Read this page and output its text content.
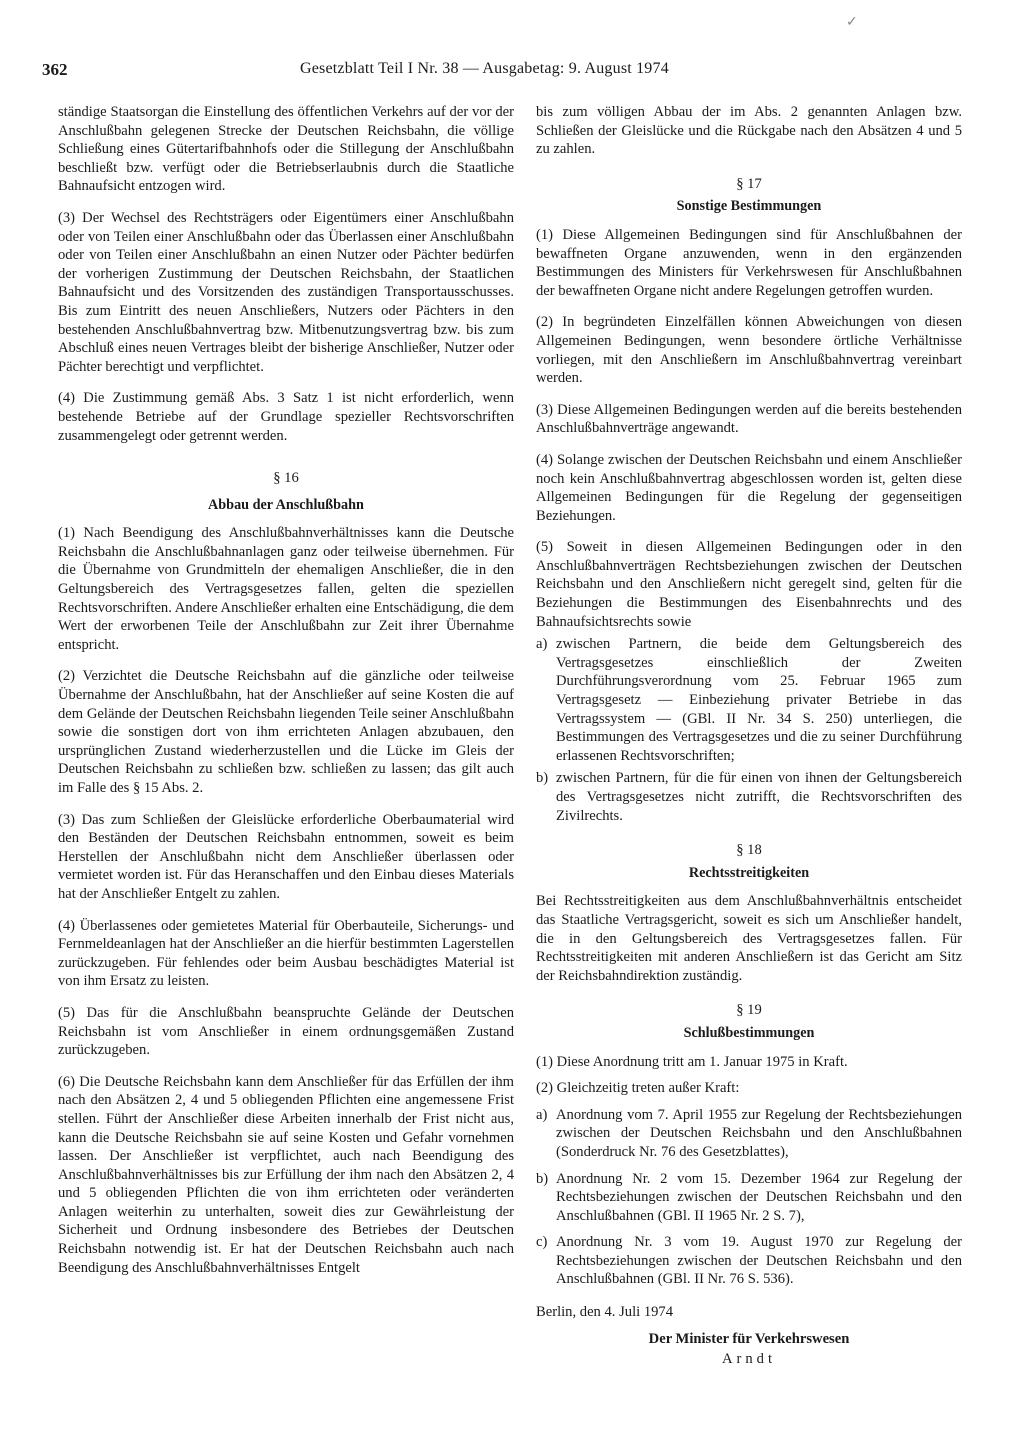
✓
362	Gesetzblatt Teil I Nr. 38 — Ausgabetag: 9. August 1974

ständige Staatsorgan die Einstellung des öffentlichen Verkehrs auf der vor der Anschlußbahn gelegenen Strecke der Deutschen Reichsbahn, die völlige Schließung eines Gütertarifbahnhofs oder die Stillegung der Anschlußbahn beschließt bzw. verfügt oder die Betriebserlaubnis durch die Staatliche Bahnaufsicht entzogen wird.

(3) Der Wechsel des Rechtsträgers oder Eigentümers einer Anschlußbahn oder von Teilen einer Anschlußbahn oder das Überlassen einer Anschlußbahn oder von Teilen einer Anschlußbahn an einen Nutzer oder Pächter bedürfen der vorherigen Zustimmung der Deutschen Reichsbahn, der Staatlichen Bahnaufsicht und des Vorsitzenden des zuständigen Transportausschusses. Bis zum Eintritt des neuen Anschließers, Nutzers oder Pächters in den bestehenden Anschlußbahnvertrag bzw. Mitbenutzungsvertrag bzw. bis zum Abschluß eines neuen Vertrages bleibt der bisherige Anschließer, Nutzer oder Pächter berechtigt und verpflichtet.

(4) Die Zustimmung gemäß Abs. 3 Satz 1 ist nicht erforderlich, wenn bestehende Betriebe auf der Grundlage spezieller Rechtsvorschriften zusammengelegt oder getrennt werden.

§ 16
Abbau der Anschlußbahn

(1) Nach Beendigung des Anschlußbahnverhältnisses kann die Deutsche Reichsbahn die Anschlußbahnanlagen ganz oder teilweise übernehmen. Für die Übernahme von Grundmitteln der ehemaligen Anschließer, die in den Geltungsbereich des Vertragsgesetzes fallen, gelten die speziellen Rechtsvorschriften. Andere Anschließer erhalten eine Entschädigung, die dem Wert der erworbenen Teile der Anschlußbahn zur Zeit ihrer Übernahme entspricht.

(2) Verzichtet die Deutsche Reichsbahn auf die gänzliche oder teilweise Übernahme der Anschlußbahn, hat der Anschließer auf seine Kosten die auf dem Gelände der Deutschen Reichsbahn liegenden Teile seiner Anschlußbahn sowie die sonstigen dort von ihm errichteten Anlagen abzubauen, den ursprünglichen Zustand wiederherzustellen und die Lücke im Gleis der Deutschen Reichsbahn zu schließen bzw. schließen zu lassen; das gilt auch im Falle des § 15 Abs. 2.

(3) Das zum Schließen der Gleislücke erforderliche Oberbaumaterial wird den Beständen der Deutschen Reichsbahn entnommen, soweit es beim Herstellen der Anschlußbahn nicht dem Anschließer überlassen oder vermietet worden ist. Für das Heranschaffen und den Einbau dieses Materials hat der Anschließer Entgelt zu zahlen.

(4) Überlassenes oder gemietetes Material für Oberbauteile, Sicherungs- und Fernmeldeanlagen hat der Anschließer an die hierfür bestimmten Lagerstellen zurückzugeben. Für fehlendes oder beim Ausbau beschädigtes Material ist von ihm Ersatz zu leisten.

(5) Das für die Anschlußbahn beanspruchte Gelände der Deutschen Reichsbahn ist vom Anschließer in einem ordnungsgemäßen Zustand zurückzugeben.

(6) Die Deutsche Reichsbahn kann dem Anschließer für das Erfüllen der ihm nach den Absätzen 2, 4 und 5 obliegenden Pflichten eine angemessene Frist stellen. Führt der Anschließer diese Arbeiten innerhalb der Frist nicht aus, kann die Deutsche Reichsbahn sie auf seine Kosten und Gefahr vornehmen lassen. Der Anschließer ist verpflichtet, auch nach Beendigung des Anschlußbahnverhältnisses bis zur Erfüllung der ihm nach den Absätzen 2, 4 und 5 obliegenden Pflichten die von ihm errichteten oder veränderten Anlagen weiterhin zu unterhalten, soweit dies zur Gewährleistung der Sicherheit und Ordnung insbesondere des Betriebes der Deutschen Reichsbahn notwendig ist. Er hat der Deutschen Reichsbahn auch nach Beendigung des Anschlußbahnverhältnisses Entgelt

bis zum völligen Abbau der im Abs. 2 genannten Anlagen bzw. Schließen der Gleislücke und die Rückgabe nach den Absätzen 4 und 5 zu zahlen.

§ 17
Sonstige Bestimmungen

(1) Diese Allgemeinen Bedingungen sind für Anschlußbahnen der bewaffneten Organe anzuwenden, wenn in den ergänzenden Bestimmungen des Ministers für Verkehrswesen für Anschlußbahnen der bewaffneten Organe nicht andere Regelungen getroffen wurden.

(2) In begründeten Einzelfällen können Abweichungen von diesen Allgemeinen Bedingungen, wenn besondere örtliche Verhältnisse vorliegen, mit den Anschließern im Anschlußbahnvertrag vereinbart werden.

(3) Diese Allgemeinen Bedingungen werden auf die bereits bestehenden Anschlußbahnverträge angewandt.

(4) Solange zwischen der Deutschen Reichsbahn und einem Anschließer noch kein Anschlußbahnvertrag abgeschlossen worden ist, gelten diese Allgemeinen Bedingungen für die Regelung der gegenseitigen Beziehungen.

(5) Soweit in diesen Allgemeinen Bedingungen oder in den Anschlußbahnverträgen Rechtsbeziehungen zwischen der Deutschen Reichsbahn und den Anschließern nicht geregelt sind, gelten für die Beziehungen die Bestimmungen des Eisenbahnrechts und des Bahnaufsichtsrechts sowie

a) zwischen Partnern, die beide dem Geltungsbereich des Vertragsgesetzes einschließlich der Zweiten Durchführungsverordnung vom 25. Februar 1965 zum Vertragsgesetz — Einbeziehung privater Betriebe in das Vertragssystem — (GBl. II Nr. 34 S. 250) unterliegen, die Bestimmungen des Vertragsgesetzes und die zu seiner Durchführung erlassenen Rechtsvorschriften;
b) zwischen Partnern, für die für einen von ihnen der Geltungsbereich des Vertragsgesetzes nicht zutrifft, die Rechtsvorschriften des Zivilrechts.
§ 18
Rechtsstreitigkeiten

Bei Rechtsstreitigkeiten aus dem Anschlußbahnverhältnis entscheidet das Staatliche Vertragsgericht, soweit es sich um Anschließer handelt, die in den Geltungsbereich des Vertragsgesetzes fallen. Für Rechtsstreitigkeiten mit anderen Anschließern ist das Gericht am Sitz der Reichsbahndirektion zuständig.

§ 19
Schlußbestimmungen

(1) Diese Anordnung tritt am 1. Januar 1975 in Kraft.

(2) Gleichzeitig treten außer Kraft:

a) Anordnung vom 7. April 1955 zur Regelung der Rechtsbeziehungen zwischen der Deutschen Reichsbahn und den Anschlußbahnen (Sonderdruck Nr. 76 des Gesetzblattes),
b) Anordnung Nr. 2 vom 15. Dezember 1964 zur Regelung der Rechtsbeziehungen zwischen der Deutschen Reichsbahn und den Anschlußbahnen (GBl. II 1965 Nr. 2 S. 7),
c) Anordnung Nr. 3 vom 19. August 1970 zur Regelung der Rechtsbeziehungen zwischen der Deutschen Reichsbahn und den Anschlußbahnen (GBl. II Nr. 76 S. 536).

Berlin, den 4. Juli 1974

Der Minister für Verkehrswesen
Arndt
